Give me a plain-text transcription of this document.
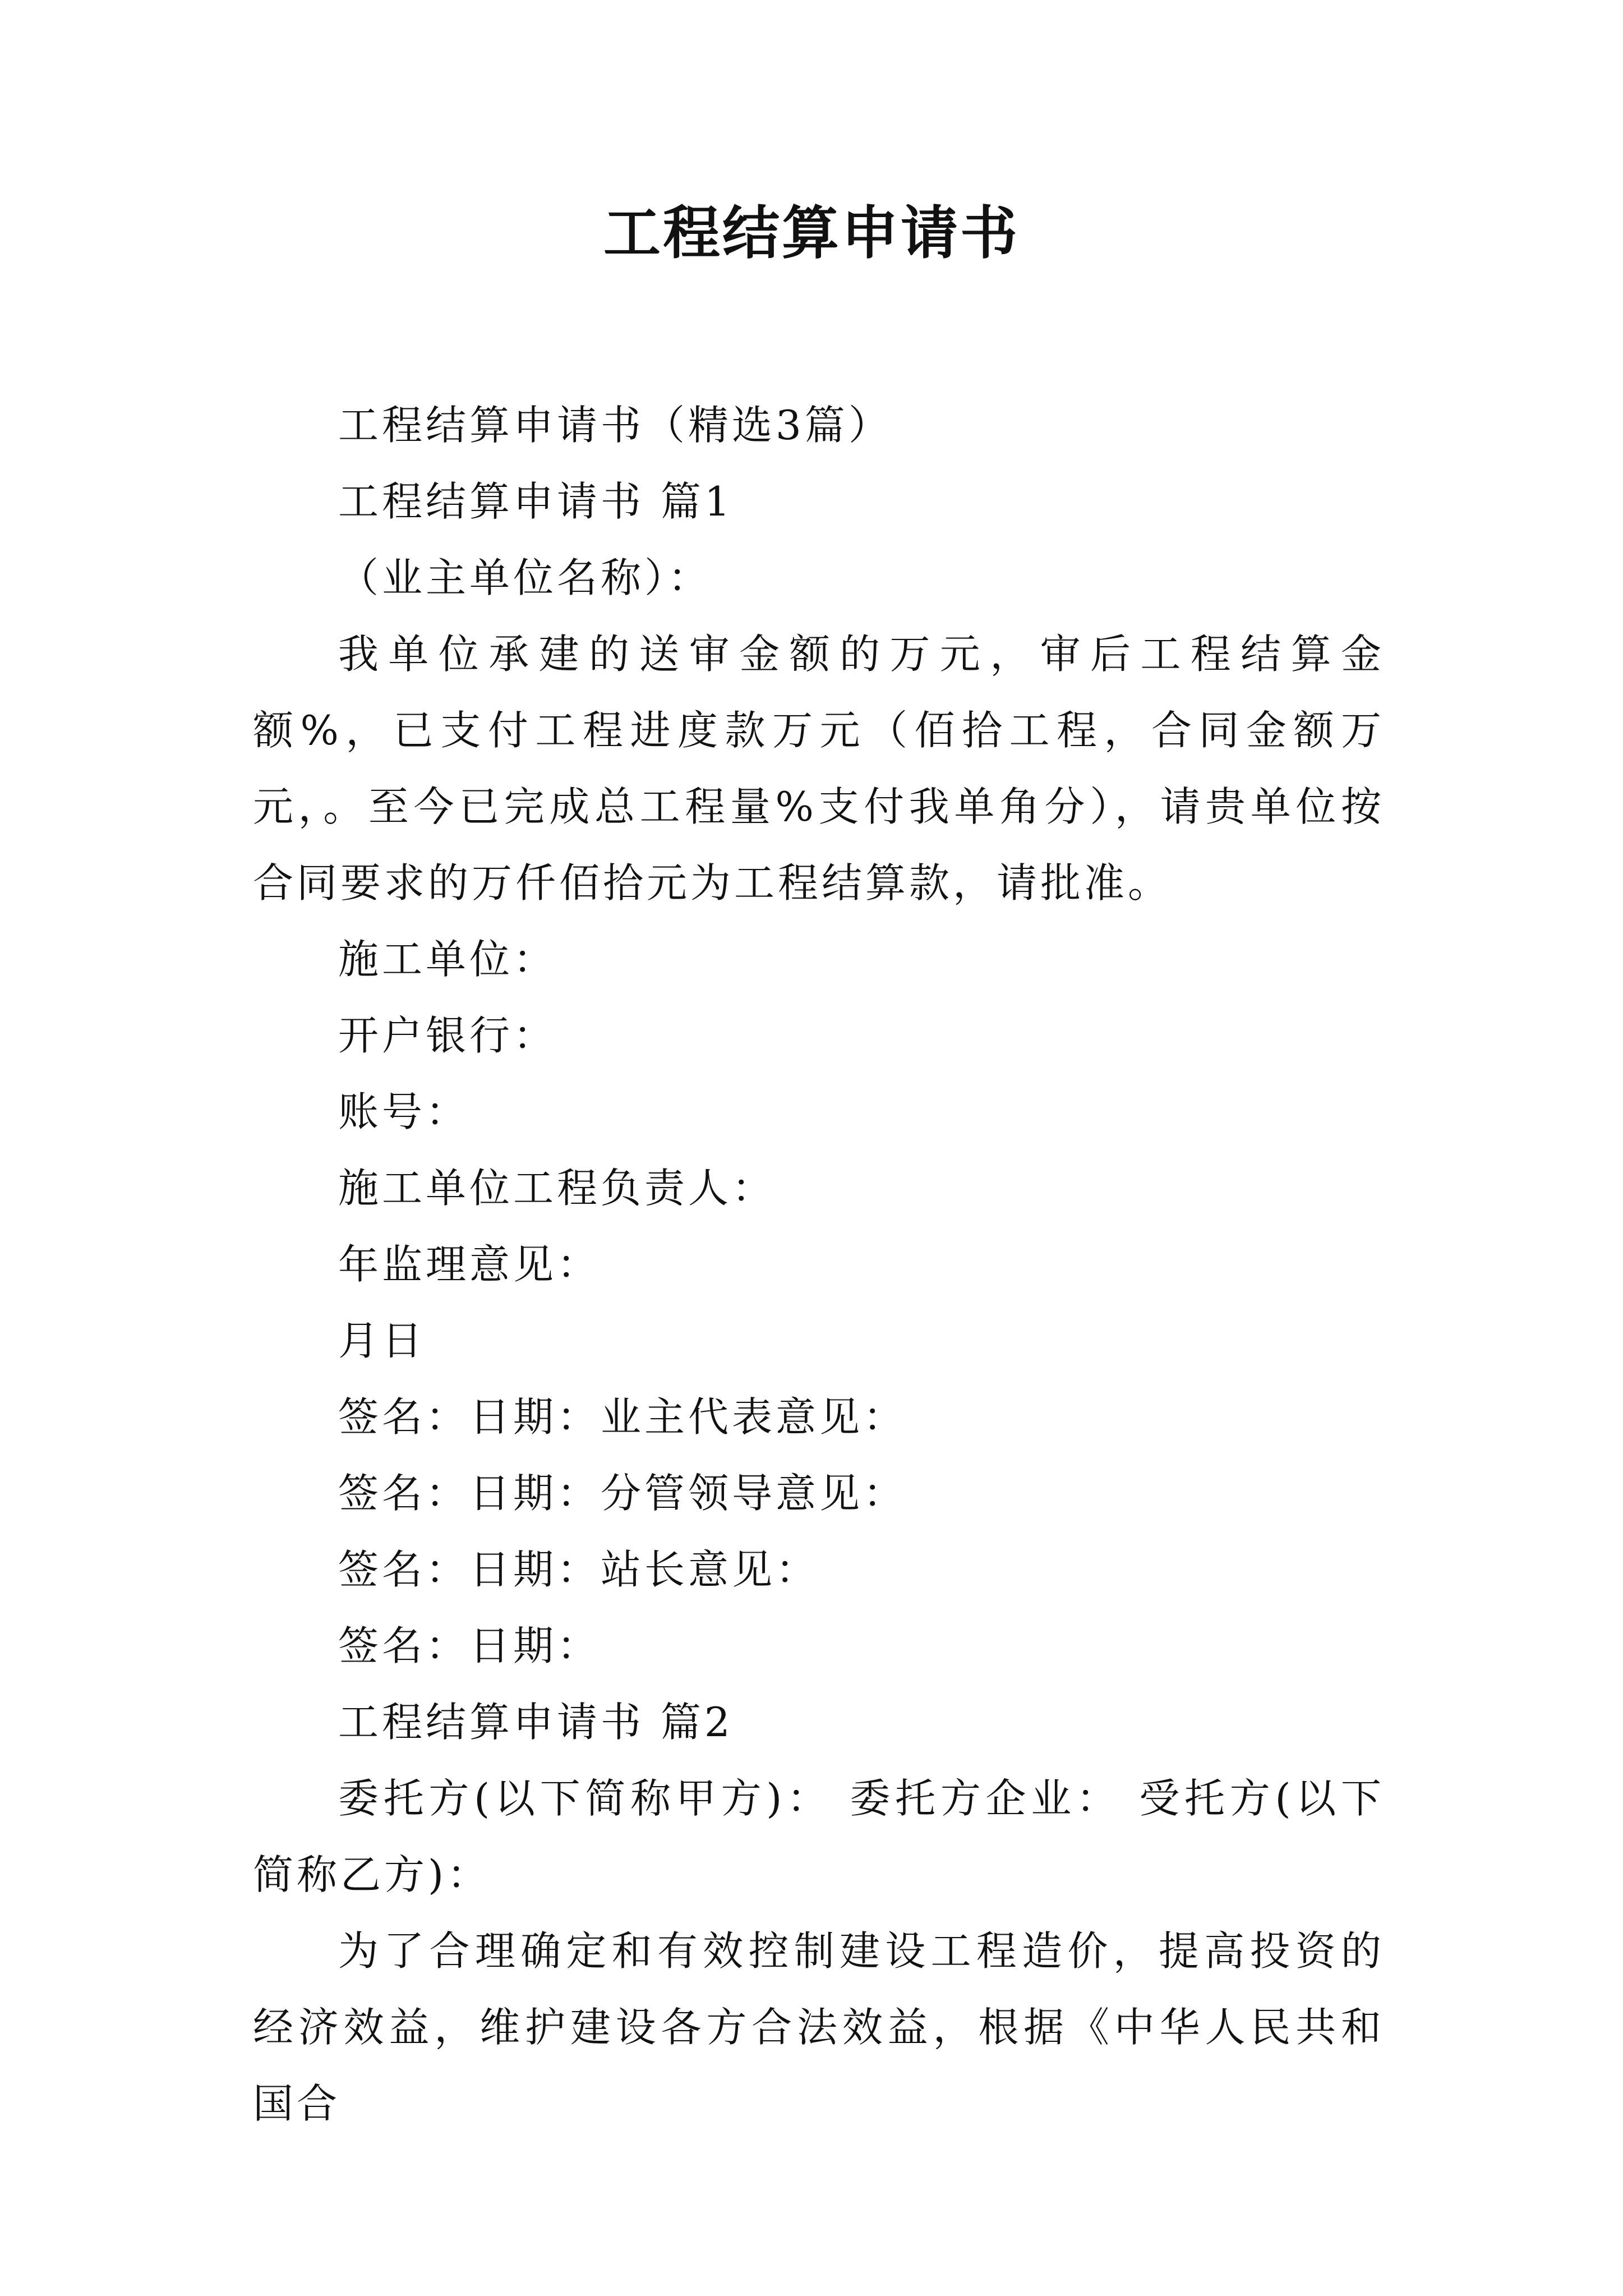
工程结算申请书

工程结算申请书（精选3篇）

工程结算申请书 篇1

（业主单位名称）：

我单位承建的送审金额的万元，审后工程结算金额%，已支付工程进度款万元（佰拾工程，合同金额万元，。至今已完成总工程量%支付我单角分），请贵单位按合同要求的万仟佰拾元为工程结算款，请批准。

施工单位：

开户银行：

账号：

施工单位工程负责人：

年监理意见：

月日

签名：日期：业主代表意见：

签名：日期：分管领导意见：

签名：日期：站长意见：

签名：日期：

工程结算申请书 篇2

委托方(以下简称甲方)： 委托方企业： 受托方(以下简称乙方)：

为了合理确定和有效控制建设工程造价，提高投资的经济效益，维护建设各方合法效益，根据《中华人民共和国合
